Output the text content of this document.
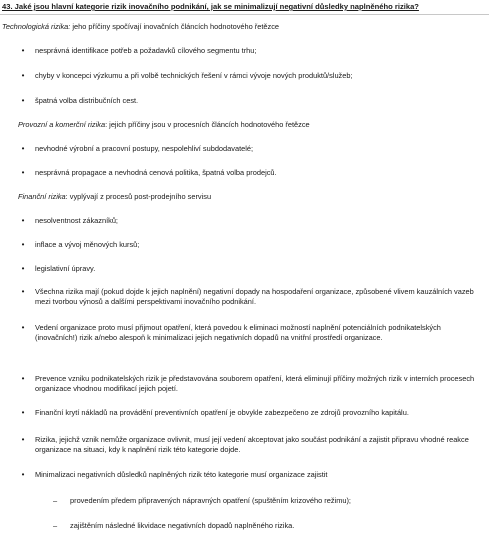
43. Jaké jsou hlavní kategorie rizik inovačního podnikání, jak se minimalizují negativní důsledky naplněného rizika?
Technologická rizika: jeho příčiny spočívají inovačních článcích hodnotového řetězce
•	nesprávná identifikace potřeb a požadavků cílového segmentu trhu;
•	chyby v koncepci výzkumu a při volbě technických řešení v rámci vývoje nových produktů/služeb;
•	špatná volba distribučních cest.
Provozní a komerční rizika: jejich příčiny jsou v procesních článcích hodnotového řetězce
•	nevhodné výrobní a pracovní postupy, nespolehliví subdodavatelé;
•	nesprávná propagace a nevhodná cenová politika, špatná volba prodejců.
Finanční rizika: vyplývají z procesů post-prodejního servisu
•	nesolventnost zákazníků;
•	inflace a vývoj měnových kursů;
•	legislativní úpravy.
•	Všechna rizika mají (pokud dojde k jejich naplnění) negativní dopady na hospodaření organizace, způsobené vlivem kauzálních vazeb mezi tvorbou výnosů a dalšími perspektivami inovačního podnikání.
•	Vedení organizace proto musí přijmout opatření, která povedou k eliminaci možností naplnění potenciálních podnikatelských (inovačních!) rizik a/nebo alespoň k minimalizaci jejich negativních dopadů na vnitřní prostředí organizace.
•	Prevence vzniku podnikatelských rizik je představována souborem opatření, která eliminují příčiny možných rizik v interních procesech organizace vhodnou modifikací jejich pojetí.
•	Finanční krytí nákladů na provádění preventivních opatření je obvykle zabezpečeno ze zdrojů provozního kapitálu.
•	Rizika, jejichž vznik nemůže organizace ovlivnit, musí její vedení akceptovat jako součást podnikání a zajistit připravu vhodné reakce organizace na situaci, kdy k naplnění rizik této kategorie dojde.
•	Minimalizaci negativních důsledků naplněných rizik této kategorie musí organizace zajistit
–	provedením předem připravených nápravných opatření (spuštěním krizového režimu);
–	zajištěním následné likvidace negativních dopadů naplněného rizika.
